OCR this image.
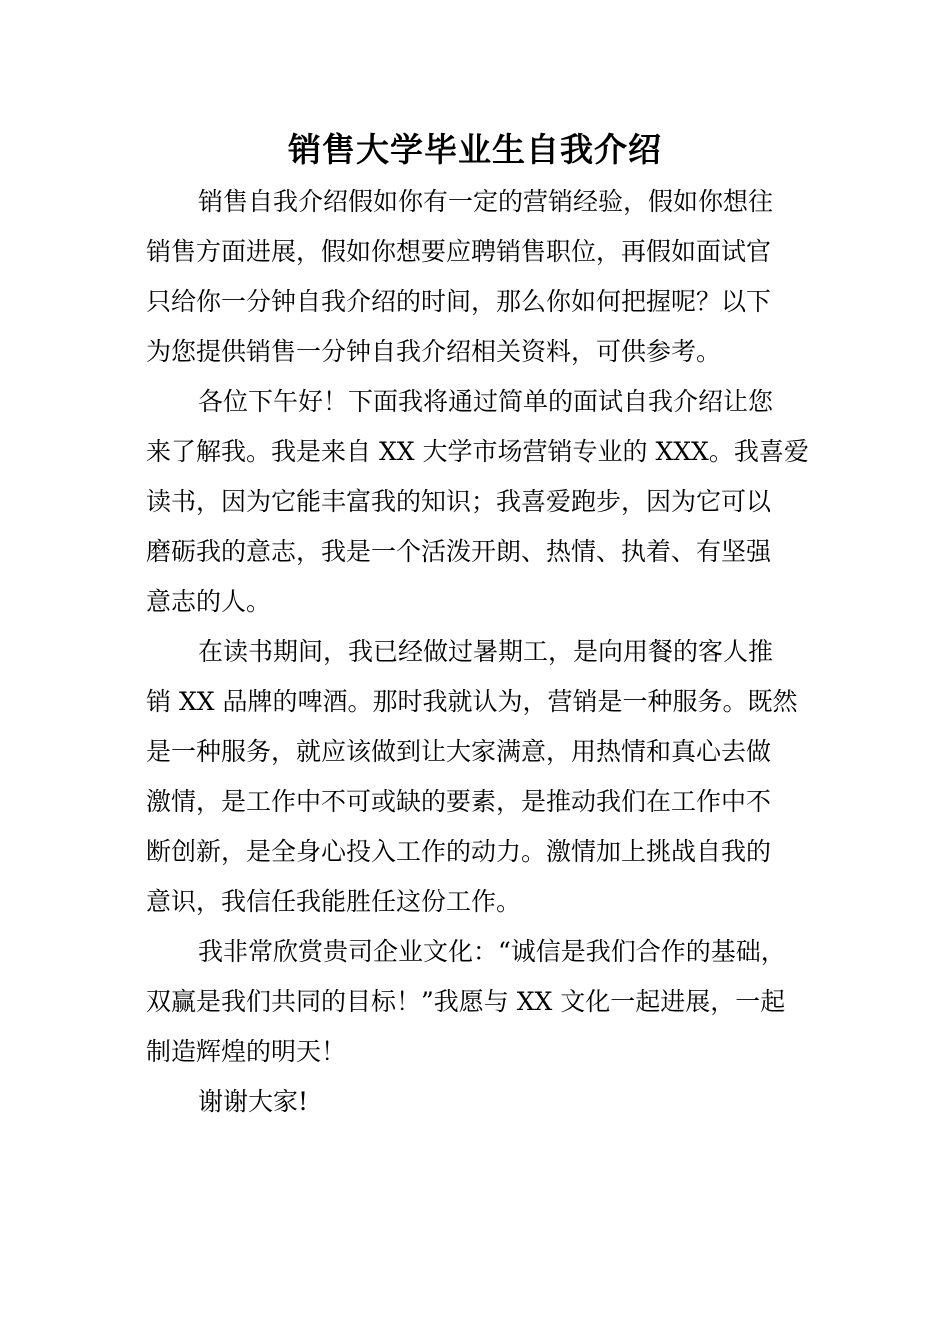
销售大学毕业生自我介绍
销售自我介绍假如你有一定的营销经验，假如你想往
销售方面进展，假如你想要应聘销售职位，再假如面试官
只给你一分钟自我介绍的时间，那么你如何把握呢？以下
为您提供销售一分钟自我介绍相关资料，可供参考。
各位下午好！下面我将通过简单的面试自我介绍让您
来了解我。我是来自 XX 大学市场营销专业的 XXX。我喜爱
读书，因为它能丰富我的知识；我喜爱跑步，因为它可以
磨砺我的意志，我是一个活泼开朗、热情、执着、有坚强
意志的人。
在读书期间，我已经做过暑期工，是向用餐的客人推
销 XX 品牌的啤酒。那时我就认为，营销是一种服务。既然
是一种服务，就应该做到让大家满意，用热情和真心去做
激情，是工作中不可或缺的要素，是推动我们在工作中不
断创新，是全身心投入工作的动力。激情加上挑战自我的
意识，我信任我能胜任这份工作。
我非常欣赏贵司企业文化：“诚信是我们合作的基础，
双赢是我们共同的目标！”我愿与 XX 文化一起进展，一起
制造辉煌的明天！
谢谢大家!
